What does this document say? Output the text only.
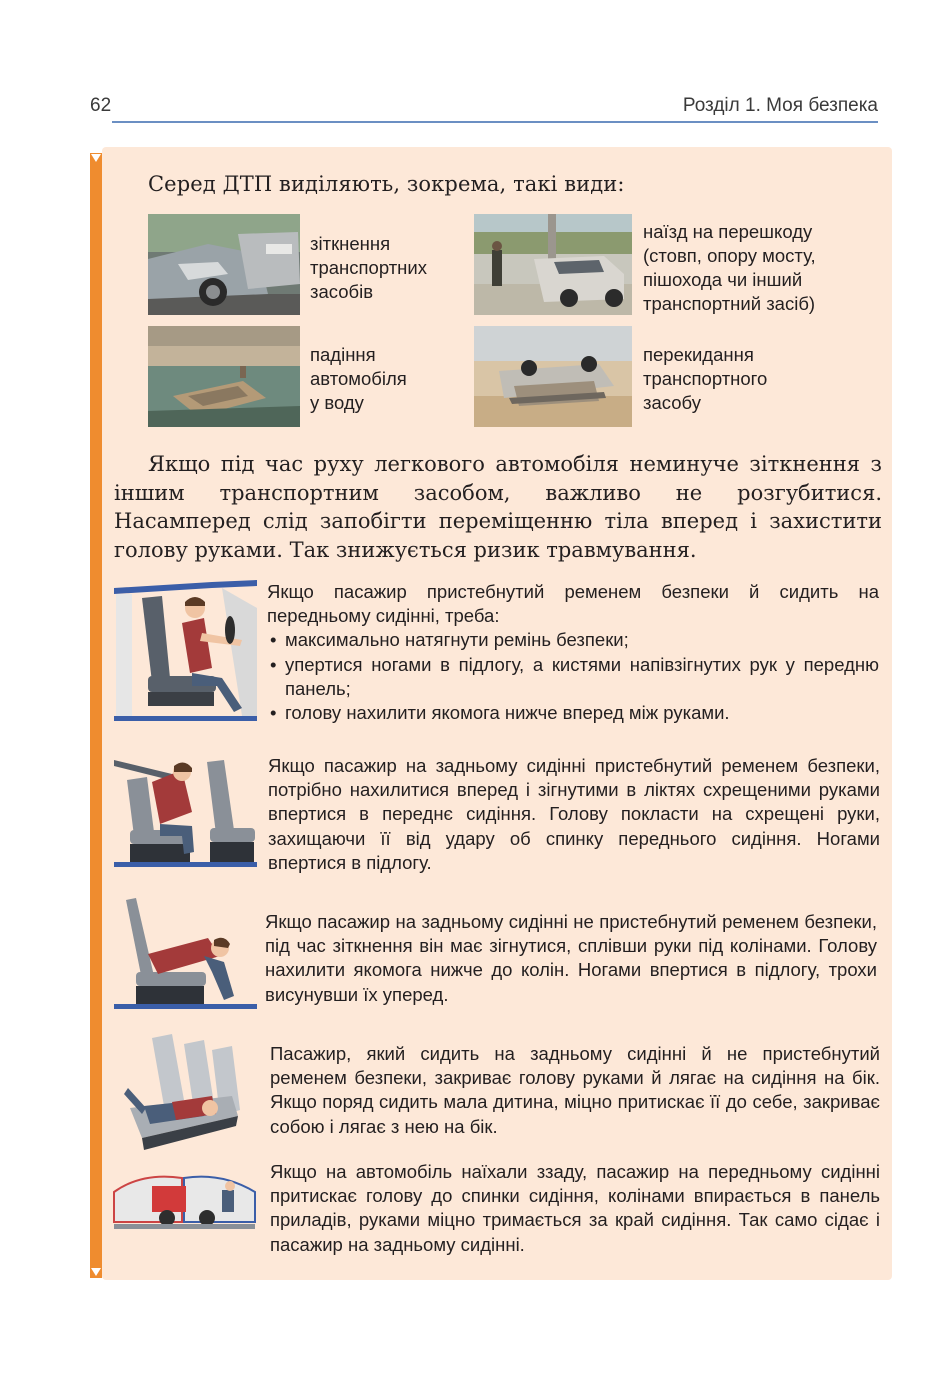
62	Розділ 1. Моя безпека
Серед ДТП виділяють, зокрема, такі види:
зіткнення
транспортних
засобів
наїзд на перешкоду
(стовп, опору мосту,
пішохода чи інший
транспортний засіб)
падіння
автомобіля
у воду
перекидання
транспортного
засобу
Якщо під час руху легкового автомобіля неминуче зіткнення з іншим транспортним засобом, важливо не розгубитися. Насамперед слід запобігти переміщенню тіла вперед і захистити голову руками. Так знижується ризик травмування.
Якщо пасажир пристебнутий ременем безпеки й сидить на передньому сидінні, треба:
• максимально натягнути ремінь безпеки;
• упертися ногами в підлогу, а кистями напівзігнутих рук у передню панель;
• голову нахилити якомога нижче вперед між руками.
Якщо пасажир на задньому сидінні пристебнутий ременем безпеки, потрібно нахилитися вперед і зігнутими в ліктях схрещеними руками впертися в переднє сидіння. Голову покласти на схрещені руки, захищаючи її від удару об спинку переднього сидіння. Ногами впертися в підлогу.
Якщо пасажир на задньому сидінні не пристебнутий ременем безпеки, під час зіткнення він має зігнутися, сплівши руки під колінами. Голову нахилити якомога нижче до колін. Ногами впертися в підлогу, трохи висунувши їх уперед.
Пасажир, який сидить на задньому сидінні й не пристебнутий ременем безпеки, закриває голову руками й лягає на сидіння на бік. Якщо поряд сидить мала дитина, міцно притискає її до себе, закриває собою і лягає з нею на бік.
Якщо на автомобіль наїхали ззаду, пасажир на передньому сидінні притискає голову до спинки сидіння, колінами впирається в панель приладів, руками міцно тримається за край сидіння. Так само сідає і пасажир на задньому сидінні.
